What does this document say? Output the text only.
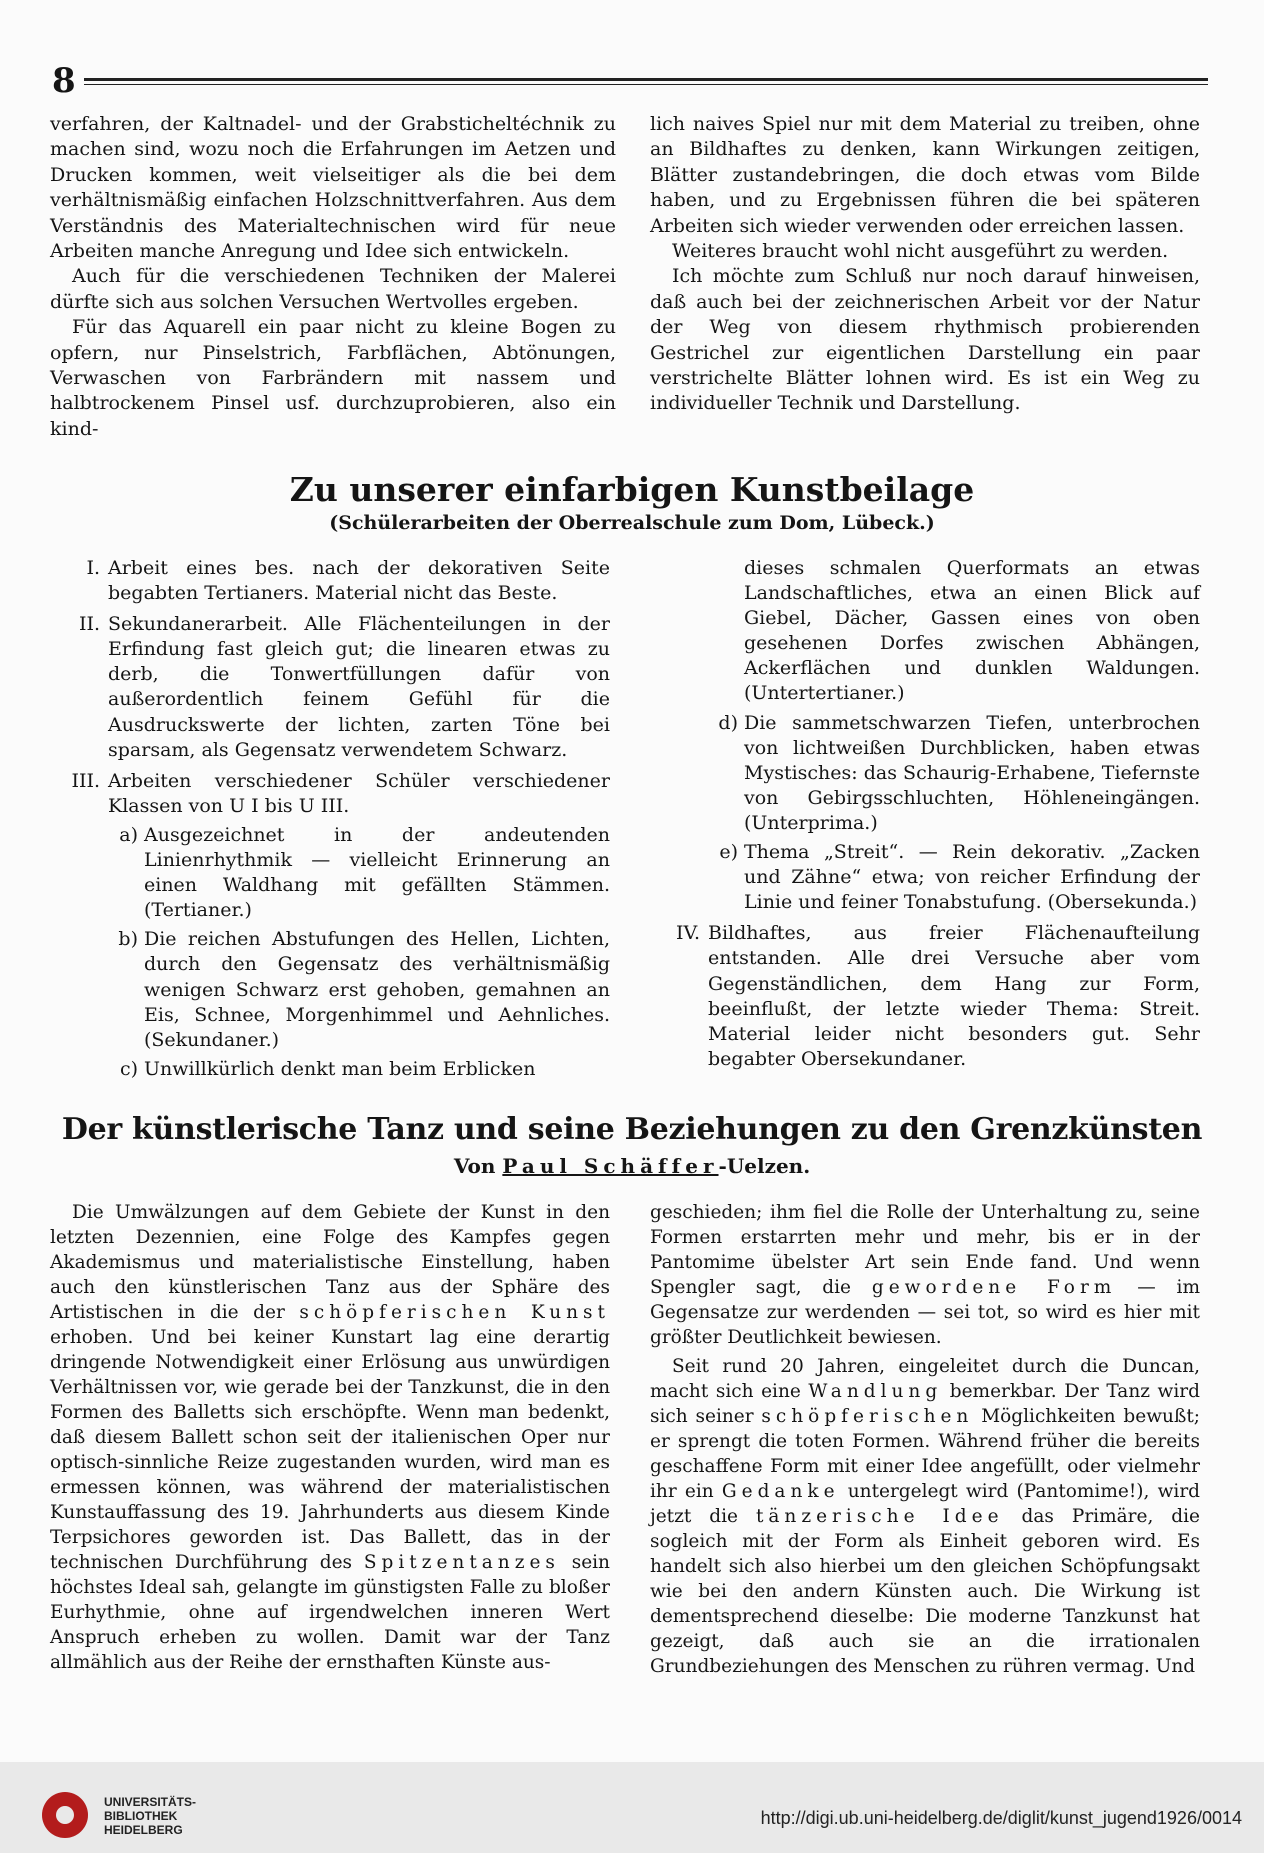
8

verfahren, der Kaltnadel- und der Grabsticheltéchnik zu machen sind, wozu noch die Erfahrungen im Aetzen und Drucken kommen, weit vielseitiger als die bei dem verhältnismäßig einfachen Holzschnittverfahren. Aus dem Verständnis des Materialtechnischen wird für neue Arbeiten manche Anregung und Idee sich entwickeln.

Auch für die verschiedenen Techniken der Malerei dürfte sich aus solchen Versuchen Wertvolles ergeben.

Für das Aquarell ein paar nicht zu kleine Bogen zu opfern, nur Pinselstrich, Farbflächen, Abtönungen, Verwaschen von Farbrändern mit nassem und halbtrockenem Pinsel usf. durchzuprobieren, also ein kind-

lich naives Spiel nur mit dem Material zu treiben, ohne an Bildhaftes zu denken, kann Wirkungen zeitigen, Blätter zustandebringen, die doch etwas vom Bilde haben, und zu Ergebnissen führen die bei späteren Arbeiten sich wieder verwenden oder erreichen lassen.

Weiteres braucht wohl nicht ausgeführt zu werden.

Ich möchte zum Schluß nur noch darauf hinweisen, daß auch bei der zeichnerischen Arbeit vor der Natur der Weg von diesem rhythmisch probierenden Gestrichel zur eigentlichen Darstellung ein paar verstrichelte Blätter lohnen wird. Es ist ein Weg zu individueller Technik und Darstellung.

Zu unserer einfarbigen Kunstbeilage
(Schülerarbeiten der Oberrealschule zum Dom, Lübeck.)
I. Arbeit eines bes. nach der dekorativen Seite begabten Tertianers. Material nicht das Beste.
II. Sekundanerarbeit. Alle Flächenteilungen in der Erfindung fast gleich gut; die linearen etwas zu derb, die Tonwertfüllungen dafür von außerordentlich feinem Gefühl für die Ausdruckswerte der lichten, zarten Töne bei sparsam, als Gegensatz verwendetem Schwarz.
III. Arbeiten verschiedener Schüler verschiedener Klassen von U I bis U III.
a) Ausgezeichnet in der andeutenden Linienrhythmik — vielleicht Erinnerung an einen Waldhang mit gefällten Stämmen. (Tertianer.)
b) Die reichen Abstufungen des Hellen, Lichten, durch den Gegensatz des verhältnismäßig wenigen Schwarz erst gehoben, gemahnen an Eis, Schnee, Morgenhimmel und Aehnliches. (Sekundaner.)
c) Unwillkürlich denkt man beim Erblicken
dieses schmalen Querformats an etwas Landschaftliches, etwa an einen Blick auf Giebel, Dächer, Gassen eines von oben gesehenen Dorfes zwischen Abhängen, Ackerflächen und dunklen Waldungen. (Untertertianer.)
d) Die sammetschwarzen Tiefen, unterbrochen von lichtweißen Durchblicken, haben etwas Mystisches: das Schaurig-Erhabene, Tiefernste von Gebirgsschluchten, Höhleneingängen. (Unterprima.)
e) Thema „Streit“. — Rein dekorativ. „Zacken und Zähne“ etwa; von reicher Erfindung der Linie und feiner Tonabstufung. (Obersekunda.)
IV. Bildhaftes, aus freier Flächenaufteilung entstanden. Alle drei Versuche aber vom Gegenständlichen, dem Hang zur Form, beeinflußt, der letzte wieder Thema: Streit. Material leider nicht besonders gut. Sehr begabter Obersekundaner.
Der künstlerische Tanz und seine Beziehungen zu den Grenzkünsten
Von Paul Schäffer-Uelzen.

Die Umwälzungen auf dem Gebiete der Kunst in den letzten Dezennien, eine Folge des Kampfes gegen Akademismus und materialistische Einstellung, haben auch den künstlerischen Tanz aus der Sphäre des Artistischen in die der schöpferischen Kunst erhoben. Und bei keiner Kunstart lag eine derartig dringende Notwendigkeit einer Erlösung aus unwürdigen Verhältnissen vor, wie gerade bei der Tanzkunst, die in den Formen des Balletts sich erschöpfte. Wenn man bedenkt, daß diesem Ballett schon seit der italienischen Oper nur optisch-sinnliche Reize zugestanden wurden, wird man es ermessen können, was während der materialistischen Kunstauffassung des 19. Jahrhunderts aus diesem Kinde Terpsichores geworden ist. Das Ballett, das in der technischen Durchführung des Spitzentanzes sein höchstes Ideal sah, gelangte im günstigsten Falle zu bloßer Eurhythmie, ohne auf irgendwelchen inneren Wert Anspruch erheben zu wollen. Damit war der Tanz allmählich aus der Reihe der ernsthaften Künste aus-

geschieden; ihm fiel die Rolle der Unterhaltung zu, seine Formen erstarrten mehr und mehr, bis er in der Pantomime übelster Art sein Ende fand. Und wenn Spengler sagt, die gewordene Form — im Gegensatze zur werdenden — sei tot, so wird es hier mit größter Deutlichkeit bewiesen.

Seit rund 20 Jahren, eingeleitet durch die Duncan, macht sich eine Wandlung bemerkbar. Der Tanz wird sich seiner schöpferischen Möglichkeiten bewußt; er sprengt die toten Formen. Während früher die bereits geschaffene Form mit einer Idee angefüllt, oder vielmehr ihr ein Gedanke untergelegt wird (Pantomime!), wird jetzt die tänzerische Idee das Primäre, die sogleich mit der Form als Einheit geboren wird. Es handelt sich also hierbei um den gleichen Schöpfungsakt wie bei den andern Künsten auch. Die Wirkung ist dementsprechend dieselbe: Die moderne Tanzkunst hat gezeigt, daß auch sie an die irrationalen Grundbeziehungen des Menschen zu rühren vermag. Und

UNIVERSITÄTS-
BIBLIOTHEK
HEIDELBERG
http://digi.ub.uni-heidelberg.de/diglit/kunst_jugend1926/0014
